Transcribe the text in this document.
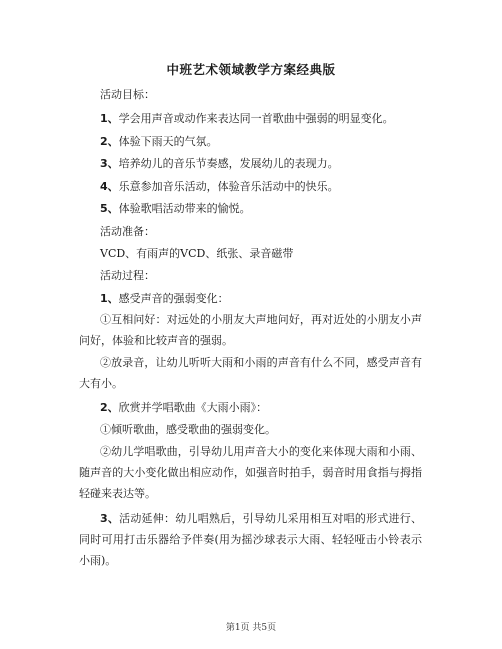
中班艺术领域教学方案经典版
活动目标：
1、学会用声音或动作来表达同一首歌曲中强弱的明显变化。
2、体验下雨天的气氛。
3、培养幼儿的音乐节奏感，发展幼儿的表现力。
4、乐意参加音乐活动，体验音乐活动中的快乐。
5、体验歌唱活动带来的愉悦。
活动准备：
VCD、有雨声的VCD、纸张、录音磁带
活动过程：
1、感受声音的强弱变化：
①互相问好：对远处的小朋友大声地问好，再对近处的小朋友小声问好，体验和比较声音的强弱。
②放录音，让幼儿听听大雨和小雨的声音有什么不同，感受声音有大有小。
2、欣赏并学唱歌曲《大雨小雨》：
①倾听歌曲，感受歌曲的强弱变化。
②幼儿学唱歌曲，引导幼儿用声音大小的变化来体现大雨和小雨、随声音的大小变化做出相应动作，如强音时拍手，弱音时用食指与拇指轻碰来表达等。
3、活动延伸：幼儿唱熟后，引导幼儿采用相互对唱的形式进行、同时可用打击乐器给予伴奏(用为摇沙球表示大雨、轻轻哑击小铃表示小雨)。
第1页 共5页
